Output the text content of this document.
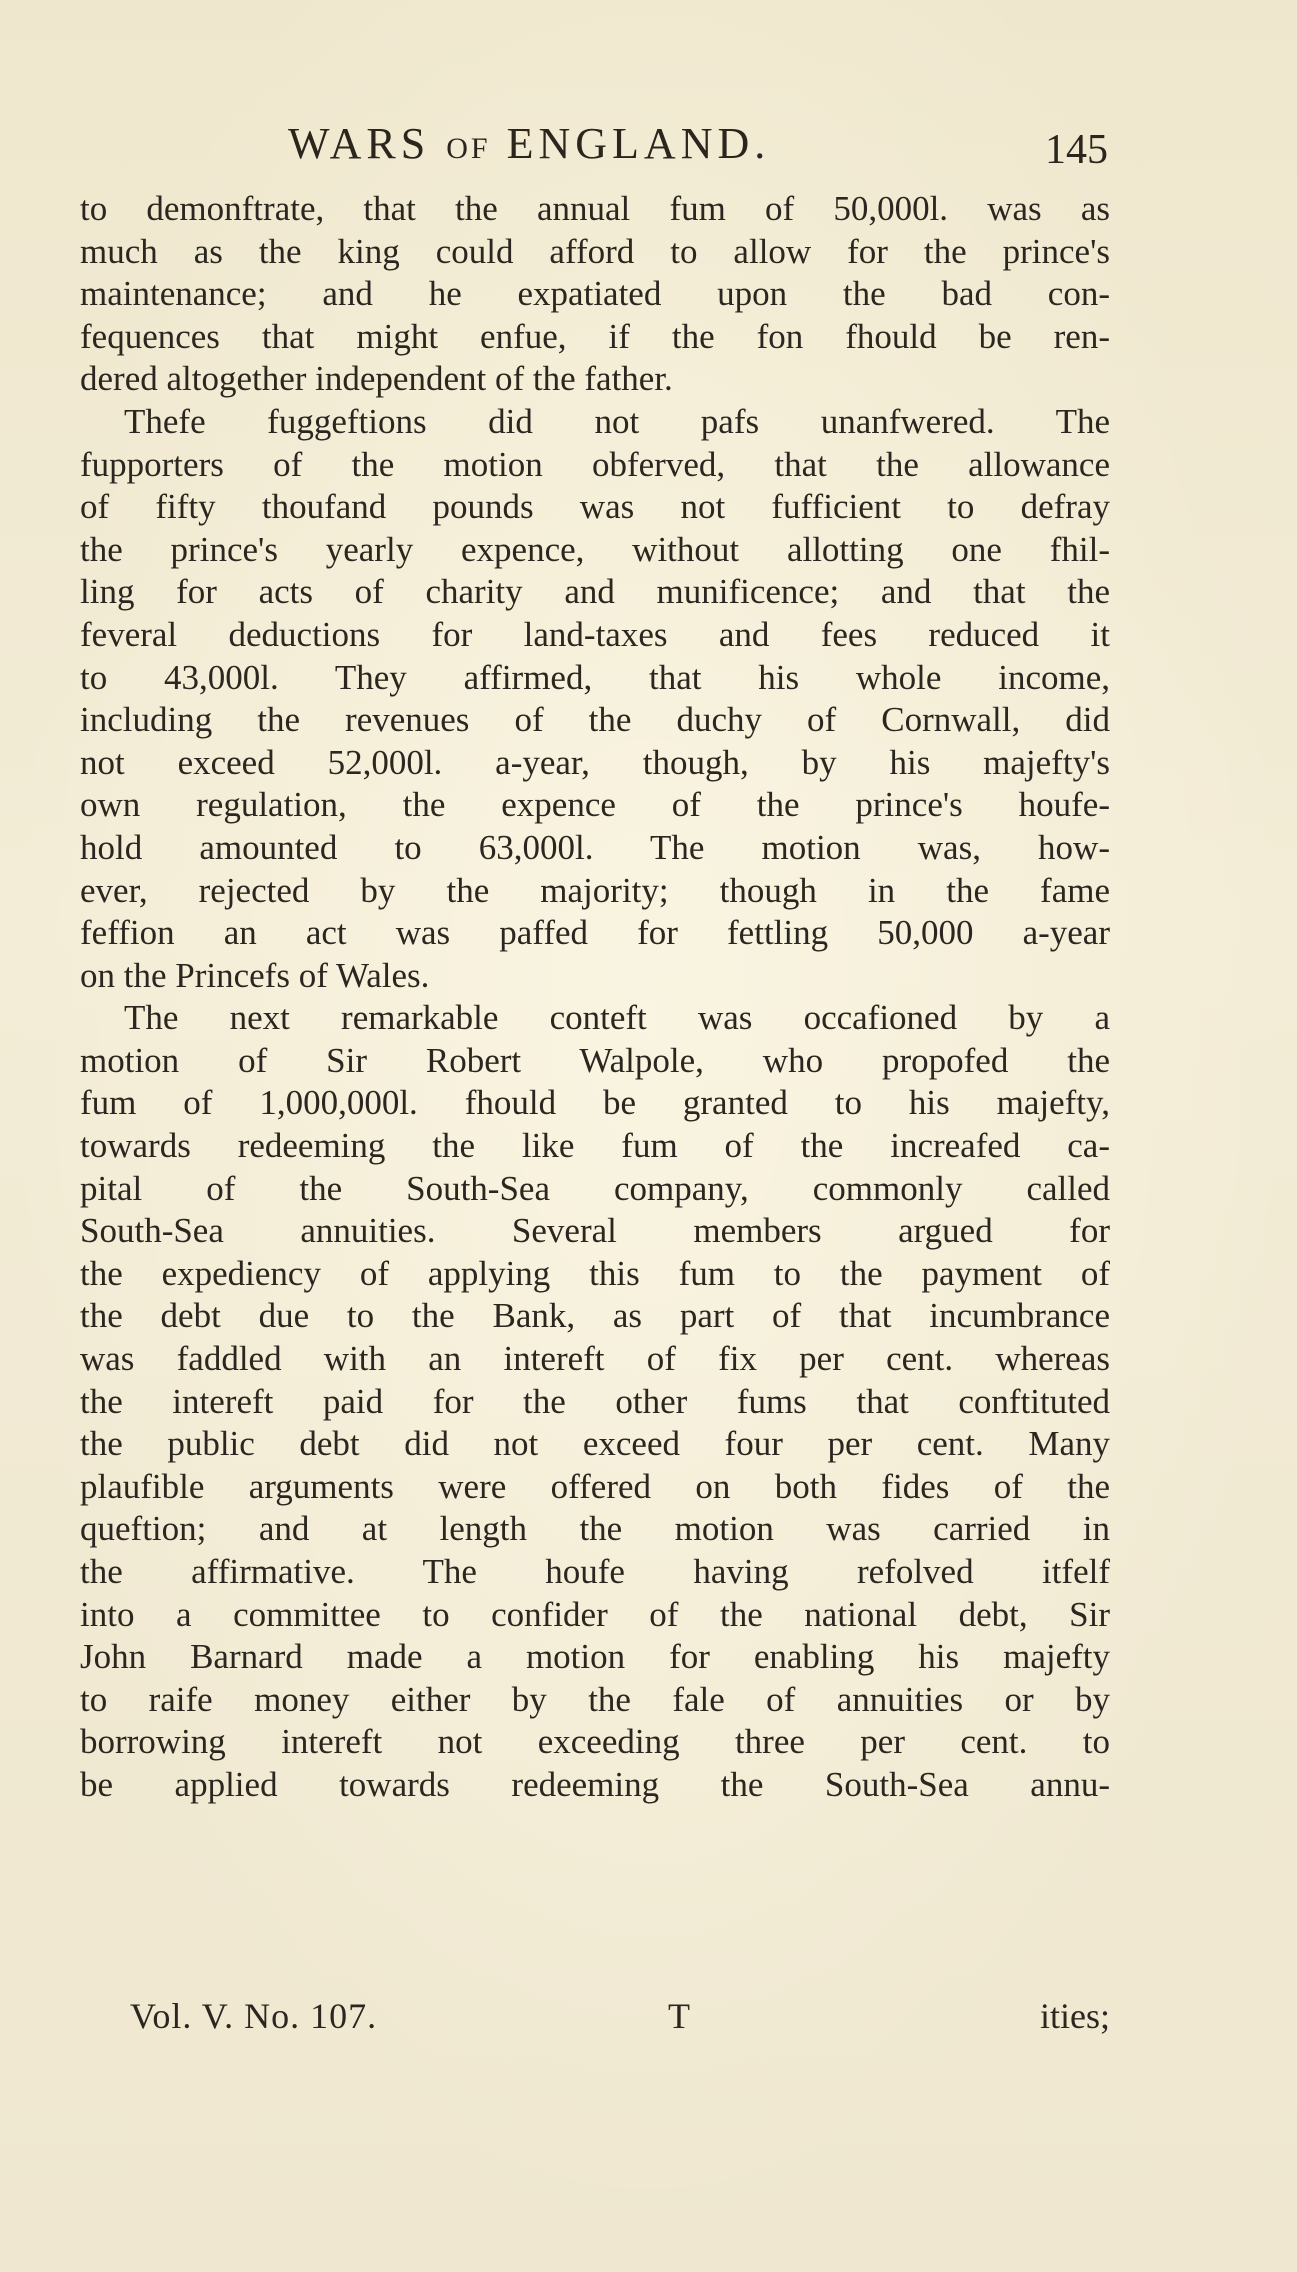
WARS OF ENGLAND.	145
to demonftrate, that the annual fum of 50,000l. was as
much as the king could afford to allow for the prince's
maintenance; and he expatiated upon the bad con-
fequences that might enfue, if the fon fhould be ren-
dered altogether independent of the father.
Thefe fuggeftions did not pafs unanfwered. The
fupporters of the motion obferved, that the allowance
of fifty thoufand pounds was not fufficient to defray
the prince's yearly expence, without allotting one fhil-
ling for acts of charity and munificence; and that the
feveral deductions for land-taxes and fees reduced it
to 43,000l. They affirmed, that his whole income,
including the revenues of the duchy of Cornwall, did
not exceed 52,000l. a-year, though, by his majefty's
own regulation, the expence of the prince's houfe-
hold amounted to 63,000l. The motion was, how-
ever, rejected by the majority; though in the fame
feffion an act was paffed for fettling 50,000 a-year
on the Princefs of Wales.
The next remarkable conteft was occafioned by a
motion of Sir Robert Walpole, who propofed the
fum of 1,000,000l. fhould be granted to his majefty,
towards redeeming the like fum of the increafed ca-
pital of the South-Sea company, commonly called
South-Sea annuities. Several members argued for
the expediency of applying this fum to the payment of
the debt due to the Bank, as part of that incumbrance
was faddled with an intereft of fix per cent. whereas
the intereft paid for the other fums that conftituted
the public debt did not exceed four per cent. Many
plaufible arguments were offered on both fides of the
queftion; and at length the motion was carried in
the affirmative. The houfe having refolved itfelf
into a committee to confider of the national debt, Sir
John Barnard made a motion for enabling his majefty
to raife money either by the fale of annuities or by
borrowing intereft not exceeding three per cent. to
be applied towards redeeming the South-Sea annu-
Vol. V. No. 107.	T	ities;
